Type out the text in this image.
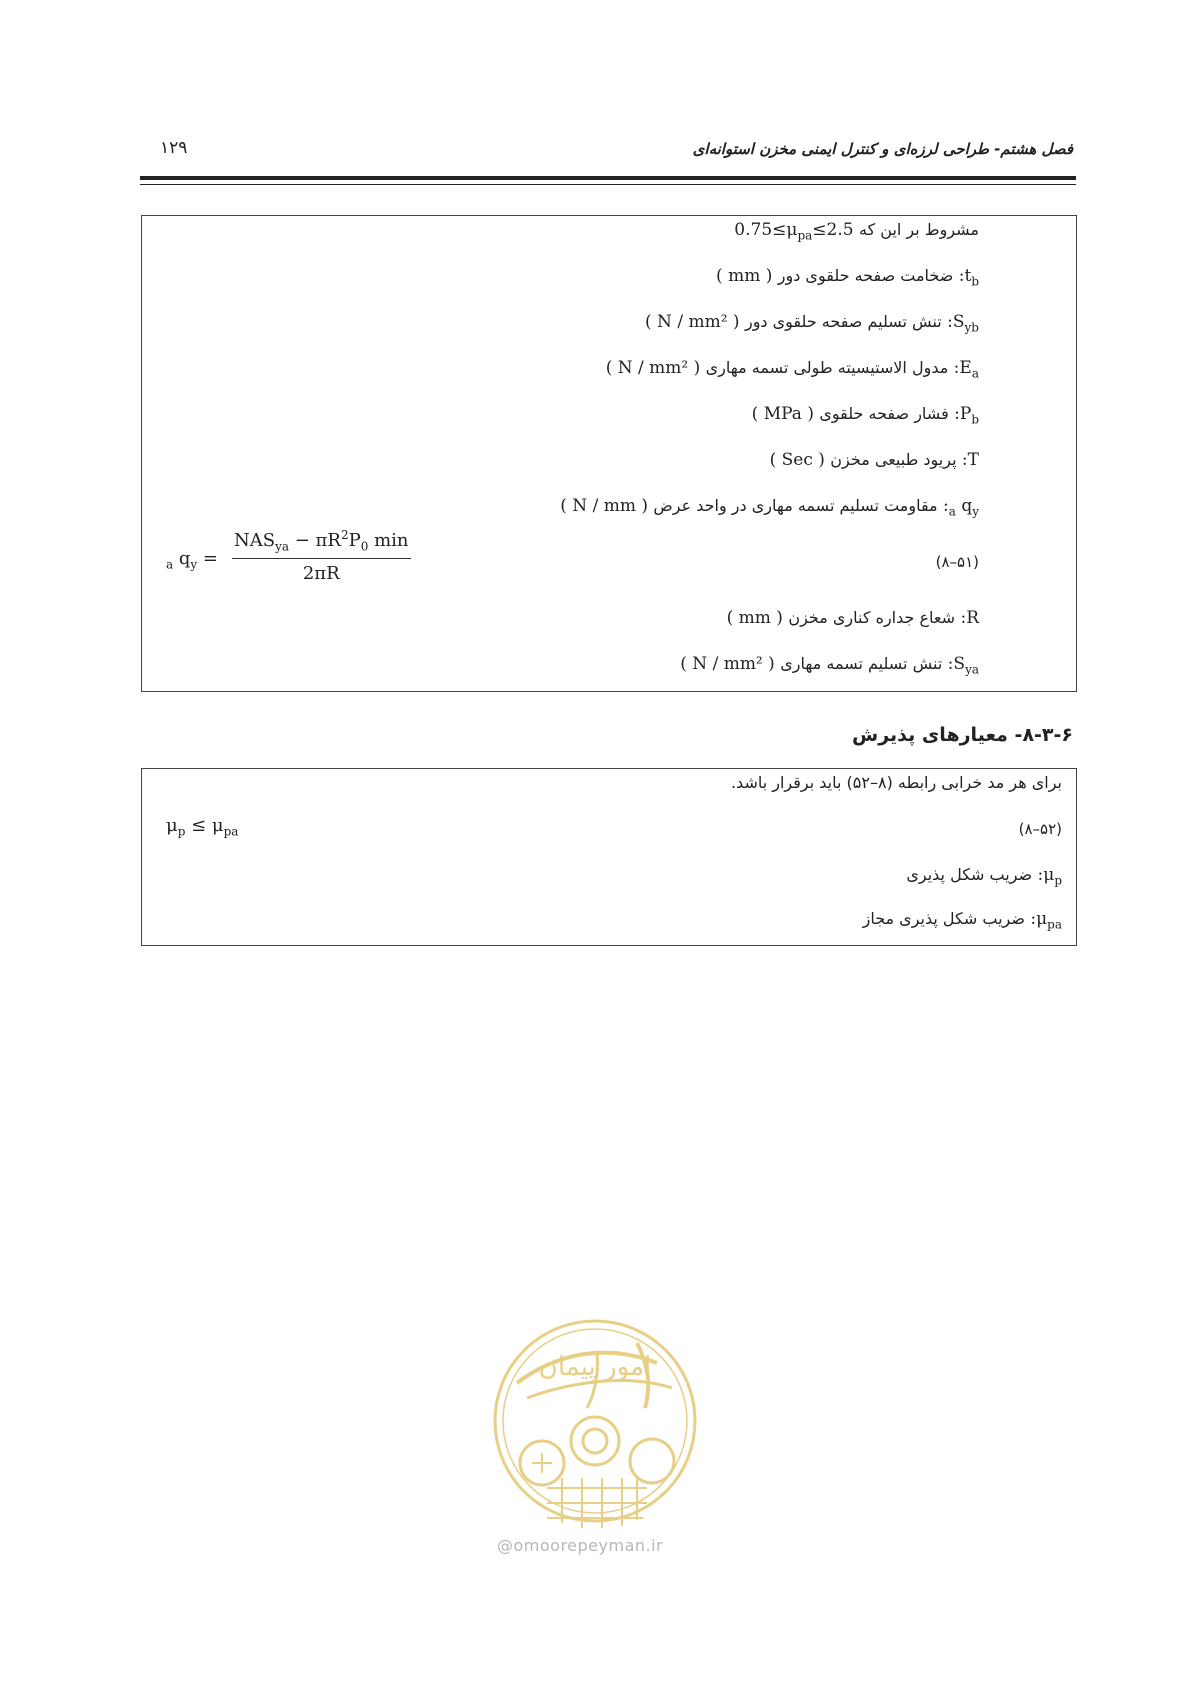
فصل هشتم- طراحی لرزه‌ای و کنترل ایمنی مخزن استوانه‌ای
۱۲۹
مشروط بر این که $0.75\le\mu_{pa}\le 2.5$
$t_b$: ضخامت صفحه حلقوی دور ( mm )
$S_{yb}$: تنش تسلیم صفحه حلقوی دور ( N / mm² )
$E_a$: مدول الاستیسیته طولی تسمه مهاری ( N / mm² )
$P_b$: فشار صفحه حلقوی ( MPa )
T: پریود طبیعی مخزن ( Sec )
$_a$ $q_y$: مقاومت تسلیم تسمه مهاری در واحد عرض ( N / mm )
(۸–۵۱)
$_a$ $q_y$ =
$NAS_{ya} - \pi R^2P_0$ min
2πR
R: شعاع جداره کناری مخزن ( mm )
$S_{ya}$: تنش تسلیم تسمه مهاری ( N / mm² )
۸-۳-۶- معیارهای پذیرش
برای هر مد خرابی رابطه (۸–۵۲) باید برقرار باشد.
(۸–۵۲)
$\mu_p \le \mu_{pa}$
$\mu_p$: ضریب شکل پذیری
$\mu_{pa}$: ضریب شکل پذیری مجاز
امور پیمان
@omoorepeyman.ir
